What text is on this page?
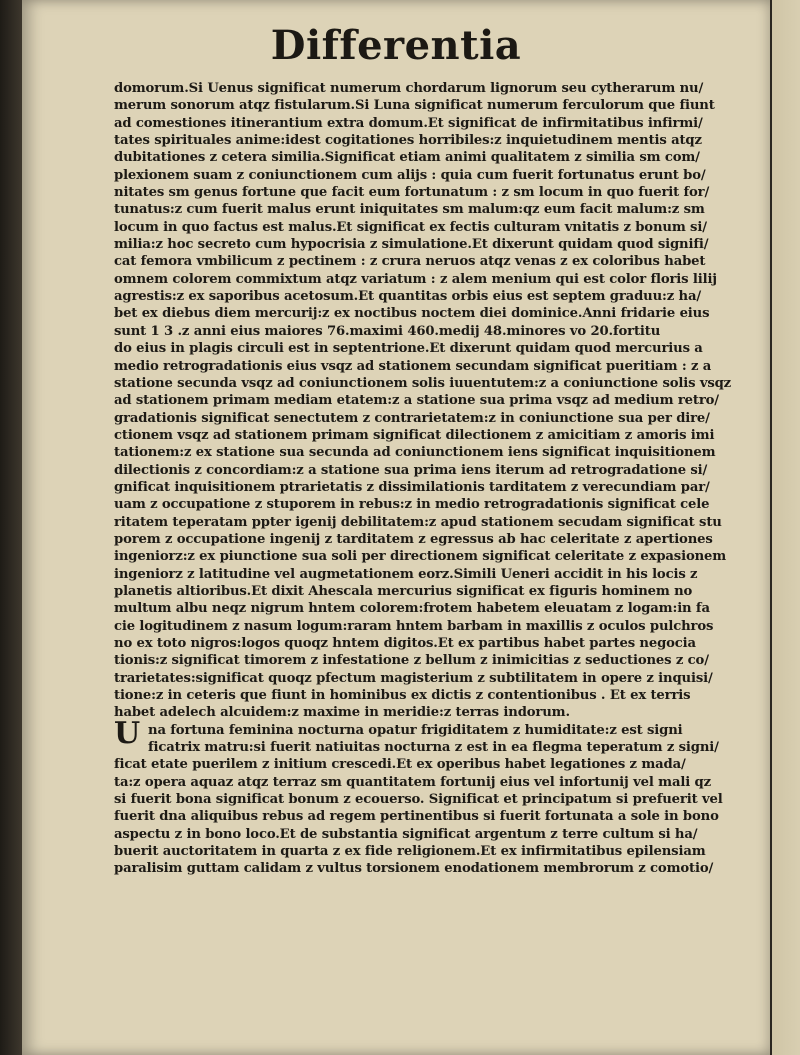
Differentia
domorum.Si Uenus significat numerum chordarum lignorum seu cytherarum nu/
merum sonorum atqz fistularum.Si Luna significat numerum ferculorum que fiunt
ad comestiones itinerantium extra domum.Et significat de infirmitatibus infirmi/
tates spirituales anime:idest cogitationes horribiles:z inquietudinem mentis atqz
dubitationes z cetera similia.Significat etiam animi qualitatem z similia sm com/
plexionem suam z coniunctionem cum alijs : quia cum fuerit fortunatus erunt bo/
nitates sm genus fortune que facit eum fortunatum : z sm locum in quo fuerit for/
tunatus:z cum fuerit malus erunt iniquitates sm malum:qz eum facit malum:z sm
locum in quo factus est malus.Et significat ex fectis culturam vnitatis z bonum si/
milia:z hoc secreto cum hypocrisia z simulatione.Et dixerunt quidam quod signifi/
cat femora vmbilicum z pectinem : z crura neruos atqz venas z ex coloribus habet
omnem colorem commixtum atqz variatum : z alem menium qui est color floris lilij
agrestis:z ex saporibus acetosum.Et quantitas orbis eius est septem graduu:z ha/
bet ex diebus diem mercurij:z ex noctibus noctem diei dominice.Anni fridarie eius
sunt 1 3 .z anni eius maiores 76.maximi 460.medij 48.minores vo 20.fortitu
do eius in plagis circuli est in septentrione.Et dixerunt quidam quod mercurius a
medio retrogradationis eius vsqz ad stationem secundam significat pueritiam : z a
statione secunda vsqz ad coniunctionem solis iuuentutem:z a coniunctione solis vsqz
ad stationem primam mediam etatem:z a statione sua prima vsqz ad medium retro/
gradationis significat senectutem z contrarietatem:z in coniunctione sua per dire/
ctionem vsqz ad stationem primam significat dilectionem z amicitiam z amoris imi
tationem:z ex statione sua secunda ad coniunctionem iens significat inquisitionem
dilectionis z concordiam:z a statione sua prima iens iterum ad retrogradatione si/
gnificat inquisitionem ptrarietatis z dissimilationis tarditatem z verecundiam par/
uam z occupatione z stuporem in rebus:z in medio retrogradationis significat cele
ritatem teperatam ppter igenij debilitatem:z apud stationem secudam significat stu
porem z occupatione ingenij z tarditatem z egressus ab hac celeritate z apertiones
ingeniorz:z ex piunctione sua soli per directionem significat celeritate z expasionem
ingeniorz z latitudine vel augmetationem eorz.Simili Ueneri accidit in his locis z
planetis altioribus.Et dixit Ahescala mercurius significat ex figuris hominem no
multum albu neqz nigrum hntem colorem:frotem habetem eleuatam z logam:in fa
cie logitudinem z nasum logum:raram hntem barbam in maxillis z oculos pulchros
no ex toto nigros:logos quoqz hntem digitos.Et ex partibus habet partes negocia
tionis:z significat timorem z infestatione z bellum z inimicitias z seductiones z co/
trarietates:significat quoqz pfectum magisterium z subtilitatem in opere z inquisi/
tione:z in ceteris que fiunt in hominibus ex dictis z contentionibus . Et ex terris
habet adelech alcuidem:z maxime in meridie:z terras indorum.
na fortuna feminina nocturna opatur frigiditatem z humiditate:z est signi
ficatrix matru:si fuerit natiuitas nocturna z est in ea flegma teperatum z signi/
ficat etate puerilem z initium crescedi.Et ex operibus habet legationes z mada/
ta:z opera aquaz atqz terraz sm quantitatem fortunij eius vel infortunij vel mali qz
si fuerit bona significat bonum z ecouerso. Significat et principatum si prefuerit vel
fuerit dna aliquibus rebus ad regem pertinentibus si fuerit fortunata a sole in bono
aspectu z in bono loco.Et de substantia significat argentum z terre cultum si ha/
buerit auctoritatem in quarta z ex fide religionem.Et ex infirmitatibus epilensiam
paralisim guttam calidam z vultus torsionem enodationem membrorum z comotio/
U
